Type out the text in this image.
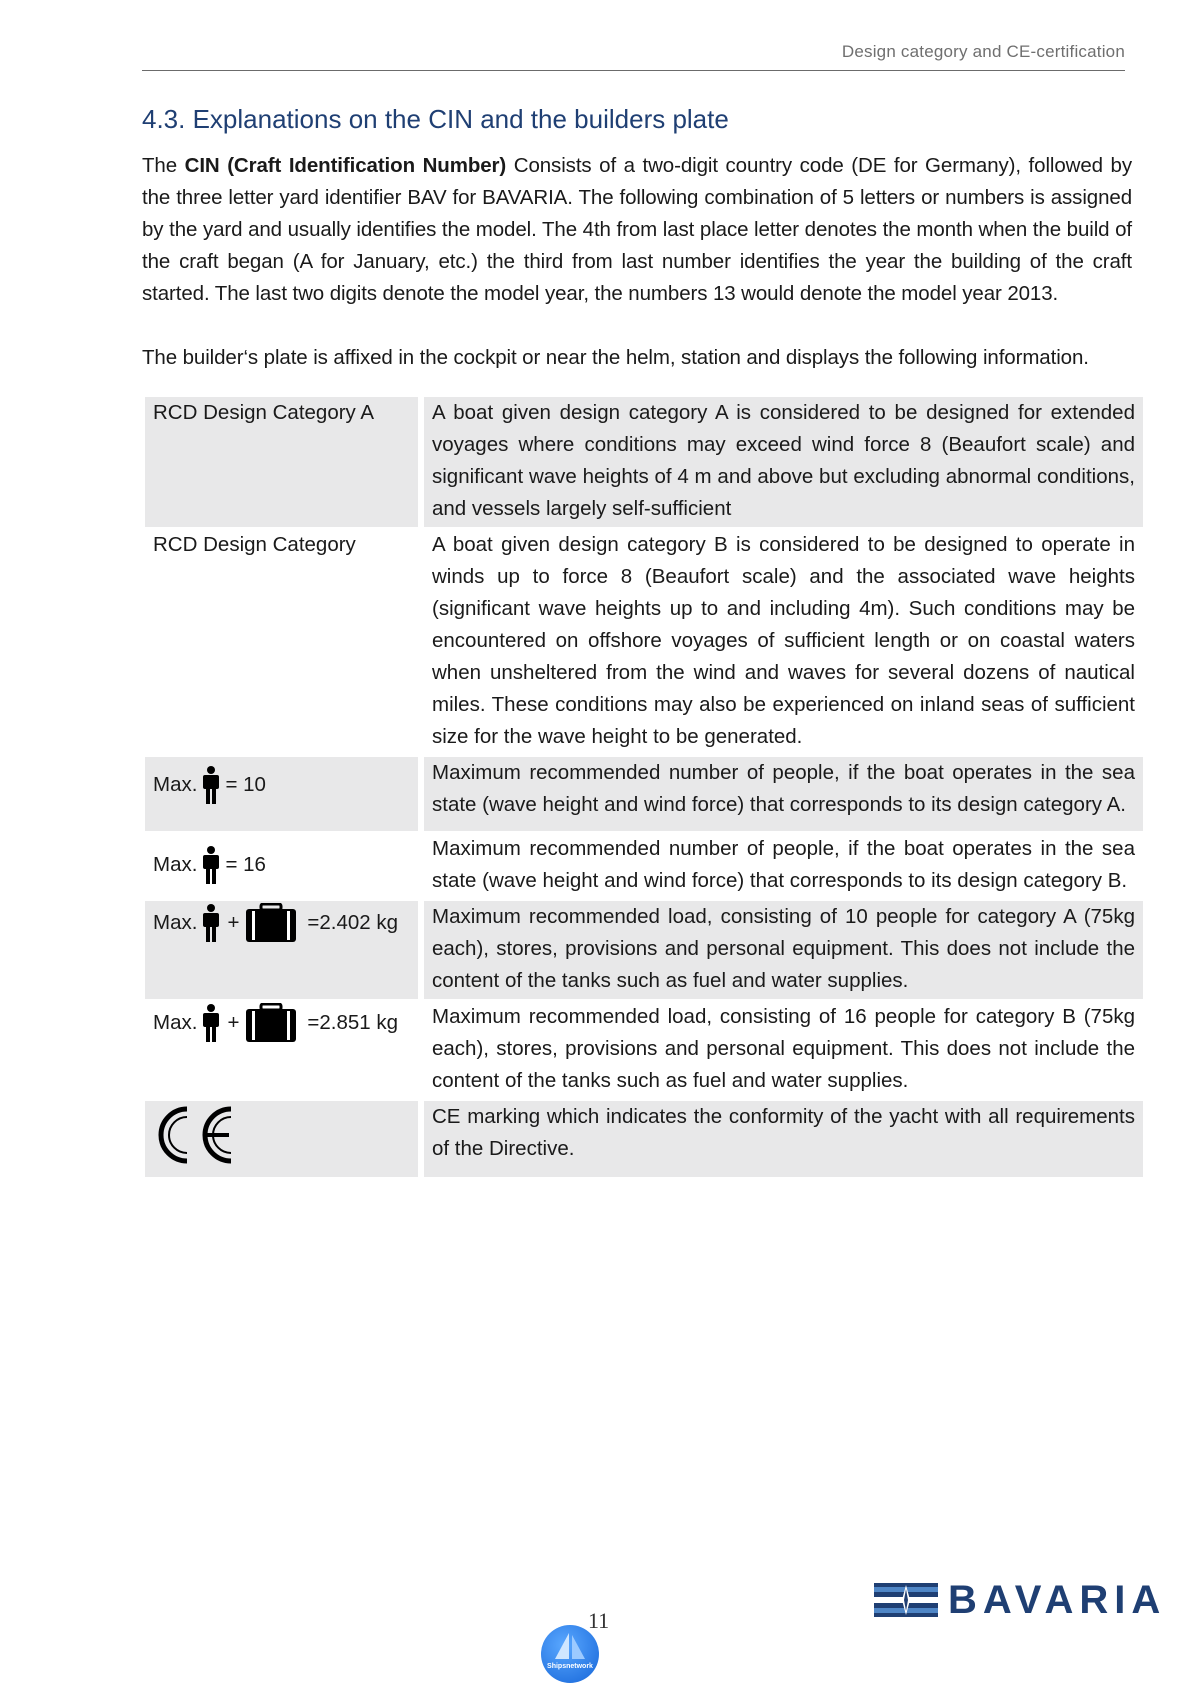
Design category and CE-certification
4.3. Explanations on the CIN and the builders plate

The CIN (Craft Identification Number) Consists of a two-digit country code (DE for Germany), followed by the three letter yard identifier BAV for BAVARIA. The following combination of 5 letters or numbers is assigned by the yard and usually identifies the model. The 4th from last place letter denotes the month when the build of the craft began (A for January, etc.) the third from last number identifies the year the building of the craft started. The last two digits denote the model year, the numbers 13 would denote the model year 2013.

The builder‘s plate is affixed in the cockpit or near the helm, station and displays the following information.

RCD Design Category A	A boat given design category A is considered to be designed for extended voyages where conditions may exceed wind force 8 (Beaufort scale) and significant wave heights of 4 m and above but excluding abnormal conditions, and vessels largely self-sufficient
RCD Design Category	A boat given design category B is considered to be designed to operate in winds up to force 8 (Beaufort scale) and the associated wave heights (significant wave heights up to and including 4m). Such conditions may be encountered on offshore voyages of sufficient length or on coastal waters when unsheltered from the wind and waves for several dozens of nautical miles. These conditions may also be experienced on inland seas of sufficient size for the wave height to be generated.

Max. = 10	Maximum recommended number of people, if the boat operates in the sea state (wave height and wind force) that corresponds to its design category A.

Max. = 16	Maximum recommended number of people, if the boat operates in the sea state (wave height and wind force) that corresponds to its design category B.

Max. + =2.402 kg	Maximum recommended load, consisting of 10 people for category A (75kg each), stores, provisions and personal equipment. This does not include the content of the tanks such as fuel and water supplies.

Max. + =2.851 kg	Maximum recommended load, consisting of 16 people for category B (75kg each), stores, provisions and personal equipment. This does not include the content of the tanks such as fuel and water supplies.
	CE marking which indicates the conformity of the yacht with all requirements of the Directive.
11
Shipsnetwork
BAVARIA
